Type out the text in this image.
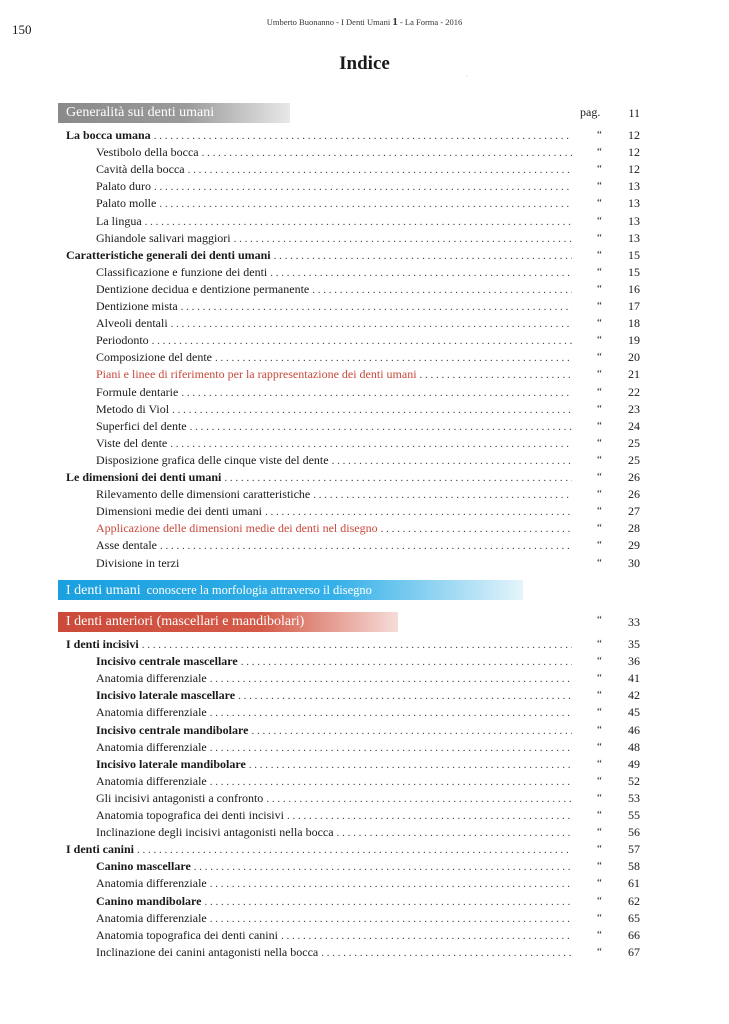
150	Umberto Buonanno - I Denti Umani 1 - La Forma - 2016
Indice
·
Generalità sui denti umani	pag.	11
La bocca umana . . .	“	12
Vestibolo della bocca . . .	“	12
Cavità della bocca . . .	“	12
Palato duro . . .	“	13
Palato molle . . .	“	13
La lingua . . .	“	13
Ghiandole salivari maggiori . . .	“	13
Caratteristiche generali dei denti umani . . .	“	15
Classificazione e funzione dei denti . . .	“	15
Dentizione decidua e dentizione permanente . . .	“	16
Dentizione mista . . .	“	17
Alveoli dentali . . .	“	18
Periodonto . . .	“	19
Composizione del dente . . .	“	20
Piani e linee di riferimento per la rappresentazione dei denti umani . . .	“	21
Formule dentarie . . .	“	22
Metodo di Viol . . .	“	23
Superfici del dente . . .	“	24
Viste del dente . . .	“	25
Disposizione grafica delle cinque viste del dente . . .	“	25
Le dimensioni dei denti umani . . .	“	26
Rilevamento delle dimensioni caratteristiche . . .	“	26
Dimensioni medie dei denti umani . . .	“	27
Applicazione delle dimensioni medie dei denti nel disegno . . .	“	28
Asse dentale . . .	“	29
Divisione in terzi	“	30
I denti umani conoscere la morfologia attraverso il disegno
I denti anteriori (mascellari e mandibolari)	“	33
I denti incisivi . . .	“	35
Incisivo centrale mascellare . . .	“	36
Anatomia differenziale . . .	“	41
Incisivo laterale mascellare . . .	“	42
Anatomia differenziale . . .	“	45
Incisivo centrale mandibolare . . .	“	46
Anatomia differenziale . . .	“	48
Incisivo laterale mandibolare . . .	“	49
Anatomia differenziale . . .	“	52
Gli incisivi antagonisti a confronto . . .	“	53
Anatomia topografica dei denti incisivi . . .	“	55
Inclinazione degli incisivi antagonisti nella bocca . . .	“	56
I denti canini . . .	“	57
Canino mascellare . . .	“	58
Anatomia differenziale . . .	“	61
Canino mandibolare . . .	“	62
Anatomia differenziale . . .	“	65
Anatomia topografica dei denti canini . . .	“	66
Inclinazione dei canini antagonisti nella bocca . . .	“	67
